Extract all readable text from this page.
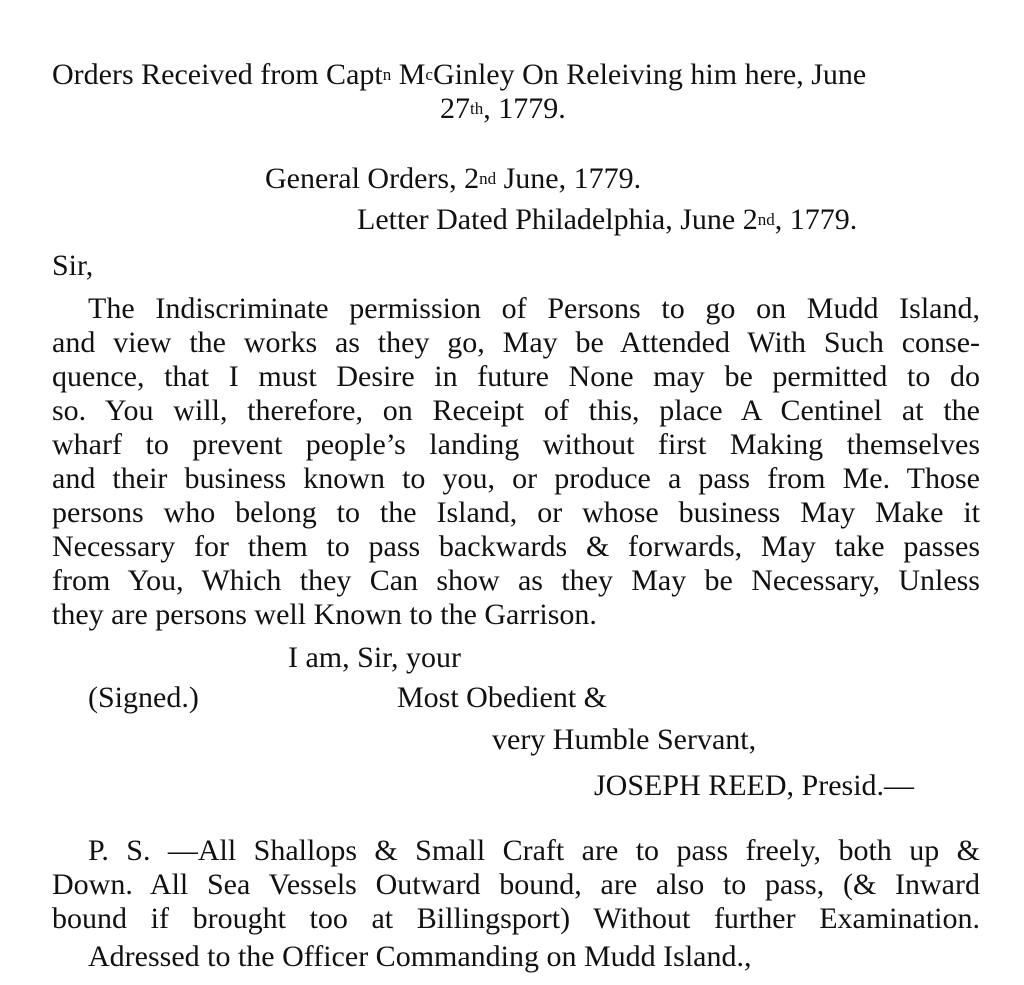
Orders Received from Capt$^n$ $M^cGinley$ On Releiving him here, June
27th, 1779.
General Orders, 2nd June, 1779.
Letter Dated Philadelphia, June 2nd, 1779.
Sir,
The Indiscriminate permission of Persons to go on Mudd Island,
and view the works as they go, May be Attended With Such conse-
quence, that I must Desire in future None may be permitted to do
so. You will, therefore, on Receipt of this, place A Centinel at the
wharf to prevent people’s landing without first Making themselves
and their business known to you, or produce a pass from Me. Those
persons who belong to the Island, or whose business May Make it
Necessary for them to pass backwards & forwards, May take passes
from You, Which they Can show as they May be Necessary, Unless
they are persons well Known to the Garrison.
I am, Sir, your
(Signed.)	Most Obedient &
very Humble Servant,
JOSEPH REED, Presid.—
P. S. —All Shallops & Small Craft are to pass freely, both up &
Down. All Sea Vessels Outward bound, are also to pass, (& Inward
bound if brought too at Billingsport) Without further Examination.
Adressed to the Officer Commanding on Mudd Island.,
